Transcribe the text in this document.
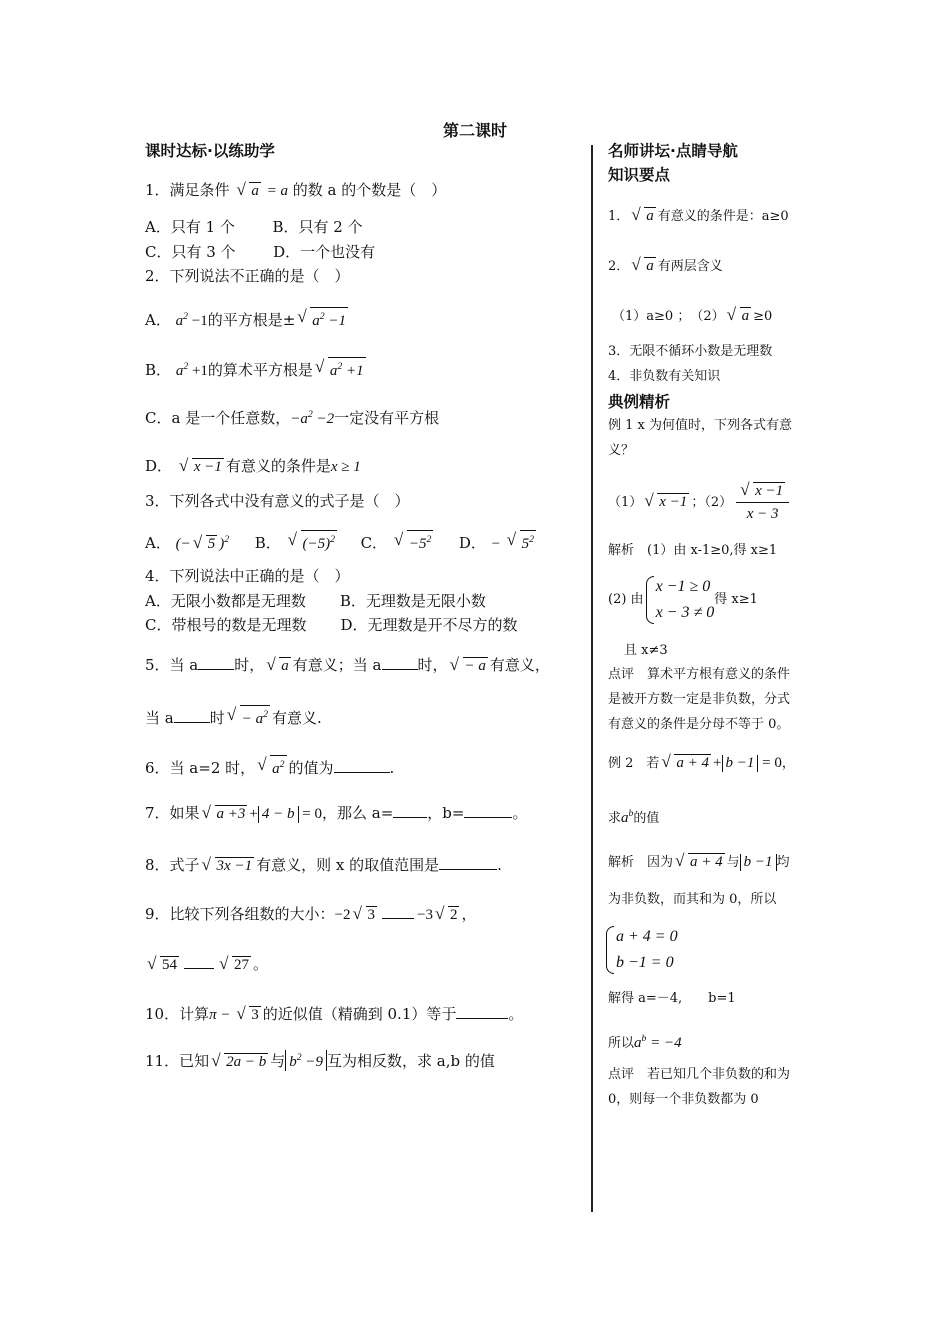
第二课时
课时达标·以练助学
1．满足条件 √ a = a 的数 a 的个数是（　）
A．只有 1 个	B．只有 2 个
C．只有 3 个	D．一个也没有
2．下列说法不正确的是（　）
A． $a^2 -1$的平方根是± √ $a^2 -1$
B． $a^2 +1$的算术平方根是 √ $a^2 +1$
C．a 是一个任意数，$-a^2 -2$一定没有平方根
D． √ x −1 有意义的条件是x ≥ 1
3．下列各式中没有意义的式子是（　）
A． (− √ 5 )$^2$ B． √ $(-5)^2$ C． √ $-5^2$ D． − √ $5^2$
4．下列说法中正确的是（　）
A．无限小数都是无理数 B．无理数是无限小数
C．带根号的数是无理数 D．无理数是开不尽方的数
5．当 a 时， √ a 有意义；当 a 时， √ − a 有意义，
当 a 时 √ − $a^2$ 有意义.
6．当 a=2 时， √ $a^2$ 的值为	.
7．如果 √ a +3 + 4 − b = 0，那么 a= ，b=	。
8．式子 √ 3x −1 有意义，则 x 的取值范围是	.
9．比较下列各组数的大小：−2 √ 3	−3 √ 2 ，
√ 54	√ 27 。
10．计算π − √ 3 的近似值（精确到 0.1）等于	。
11．已知 √ 2a − b 与 $b^2 -9$ 互为相反数，求 a,b 的值
名师讲坛·点睛导航
知识要点
1． √ a 有意义的条件是：a≥0
2． √ a 有两层含义
（1）a≥0 ；　（2） √ a ≥0
3．无限不循环小数是无理数
4．非负数有关知识
典例精析
例 1 x 为何值时，下列各式有意
义？
（1） √ x −1 ；（2） √ $\frac{x -1}{x - 3}$
解析　(1）由 x-1≥0,得 x≥1
(2) 由
x −1 ≥ 0
x − 3 ≠ 0
得 x≥1
且 x≠3
点评　算术平方根有意义的条件
是被开方数一定是非负数，分式
有意义的条件是分母不等于 0。
例 2　若 √ a + 4 + b −1 = 0，
求$a^b$的值
解析　因为 √ a + 4 与 b −1 均
为非负数，而其和为 0，所以
a + 4 = 0
b −1 = 0
解得 a=－4,　　b=1
所以$a^b = -4$
点评　若已知几个非负数的和为
0，则每一个非负数都为 0
